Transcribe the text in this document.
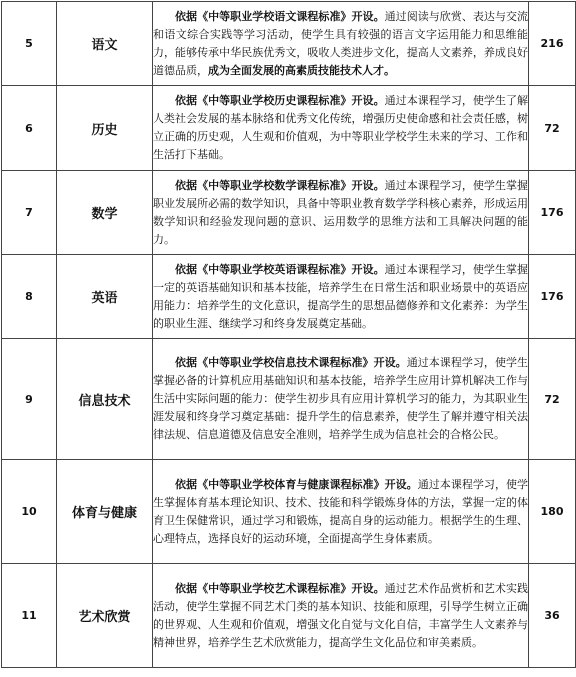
5	语文	依据《中等职业学校语文课程标准》开设。通过阅读与欣赏、表达与交流和语文综合实践等学习活动，使学生具有较强的语言文字运用能力和思维能力，能够传承中华民族优秀文，吸收人类进步文化，提高人文素养，养成良好道德品质，成为全面发展的高素质技能技术人才。	216
6	历史	依据《中等职业学校历史课程标准》开设。通过本课程学习，使学生了解人类社会发展的基本脉络和优秀文化传统，增强历史使命感和社会责任感，树立正确的历史观，人生观和价值观，为中等职业学校学生未来的学习、工作和生活打下基础。	72
7	数学	依据《中等职业学校数学课程标准》开设。通过本课程学习，使学生掌握职业发展所必需的数学知识，具备中等职业教育数学学科核心素养，形成运用数学知识和经验发现问题的意识、运用数学的思维方法和工具解决问题的能力。	176
8	英语	依据《中等职业学校英语课程标准》开设。通过本课程学习，使学生掌握一定的英语基础知识和基本技能，培养学生在日常生活和职业场景中的英语应用能力：培养学生的文化意识，提高学生的思想品德修养和文化素养：为学生的职业生涯、继续学习和终身发展奠定基础。	176
9	信息技术	依据《中等职业学校信息技术课程标准》开设。通过本课程学习，使学生掌握必备的计算机应用基础知识和基本技能，培养学生应用计算机解决工作与生活中实际问题的能力：使学生初步具有应用计算机学习的能力，为其职业生涯发展和终身学习奠定基础：提升学生的信息素养，使学生了解并遵守相关法律法规、信息道德及信息安全准则，培养学生成为信息社会的合格公民。	72
10	体育与健康	依据《中等职业学校体育与健康课程标准》开设。通过本课程学习，使学生掌握体育基本理论知识、技术、技能和科学锻炼身体的方法，掌握一定的体育卫生保健常识，通过学习和锻炼，提高自身的运动能力。根据学生的生理、心理特点，选择良好的运动环境，全面提高学生身体素质。	180
11	艺术欣赏	依据《中等职业学校艺术课程标准》开设。通过艺术作品赏析和艺术实践活动，使学生掌握不同艺术门类的基本知识、技能和原理，引导学生树立正确的世界观、人生观和价值观，增强文化自觉与文化自信，丰富学生人文素养与精神世界，培养学生艺术欣赏能力，提高学生文化品位和审美素质。	36
